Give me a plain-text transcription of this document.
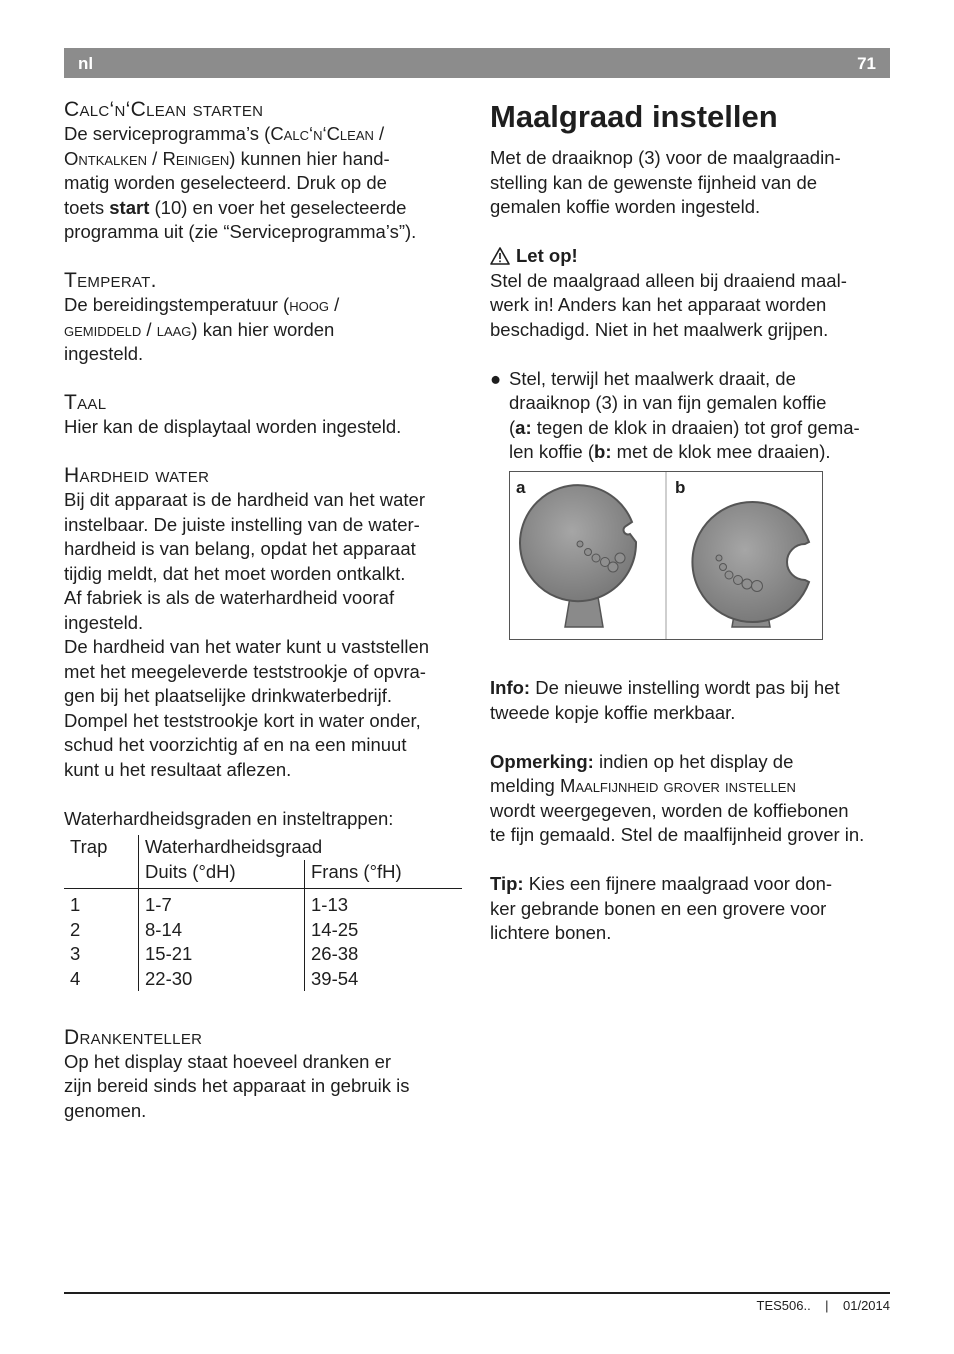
nl	71

Calc‘n‘Clean starten

De serviceprogramma’s (Calc‘n‘Clean /
Ontkalken / Reinigen) kunnen hier hand-
matig worden geselecteerd. Druk op de
toets start (10) en voer het geselecteerde
programma uit (zie “Serviceprogramma’s”).

Temperat.

De bereidingstemperatuur (hoog /
gemiddeld / laag) kan hier worden
ingesteld.

Taal

Hier kan de displaytaal worden ingesteld.

Hardheid water

Bij dit apparaat is de hardheid van het water
instelbaar. De juiste instelling van de water-
hardheid is van belang, opdat het apparaat
tijdig meldt, dat het moet worden ontkalkt.
Af fabriek is als de waterhardheid vooraf
ingesteld.
De hardheid van het water kunt u vaststellen
met het meegeleverde teststrookje of opvra-
gen bij het plaatselijke drinkwaterbedrijf.
Dompel het teststrookje kort in water onder,
schud het voorzichtig af en na een minuut
kunt u het resultaat aflezen.

Waterhardheidsgraden en insteltrappen:

Trap	Waterhardheidsgraad	
	Duits (°dH)	Frans (°fH)
1	1-7	1-13
2	8-14	14-25
3	15-21	26-38
4	22-30	39-54

Drankenteller

Op het display staat hoeveel dranken er
zijn bereid sinds het apparaat in gebruik is
genomen.

Maalgraad instellen

Met de draaiknop (3) voor de maalgraadin-
stelling kan de gewenste fijnheid van de
gemalen koffie worden ingesteld.

Let op!

Stel de maalgraad alleen bij draaiend maal-
werk in! Anders kan het apparaat worden
beschadigd. Niet in het maalwerk grijpen.

● Stel, terwijl het maalwerk draait, de
draaiknop (3) in van fijn gemalen koffie
(a: tegen de klok in draaien) tot grof gema-
len koffie (b: met de klok mee draaien).

a	b

Info: De nieuwe instelling wordt pas bij het
tweede kopje koffie merkbaar.

Opmerking: indien op het display de
melding Maalfijnheid grover instellen
wordt weergegeven, worden de koffiebonen
te fijn gemaald. Stel de maalfijnheid grover in.

Tip: Kies een fijnere maalgraad voor don-
ker gebrande bonen en een grovere voor
lichtere bonen.

TES506.. | 01/2014
